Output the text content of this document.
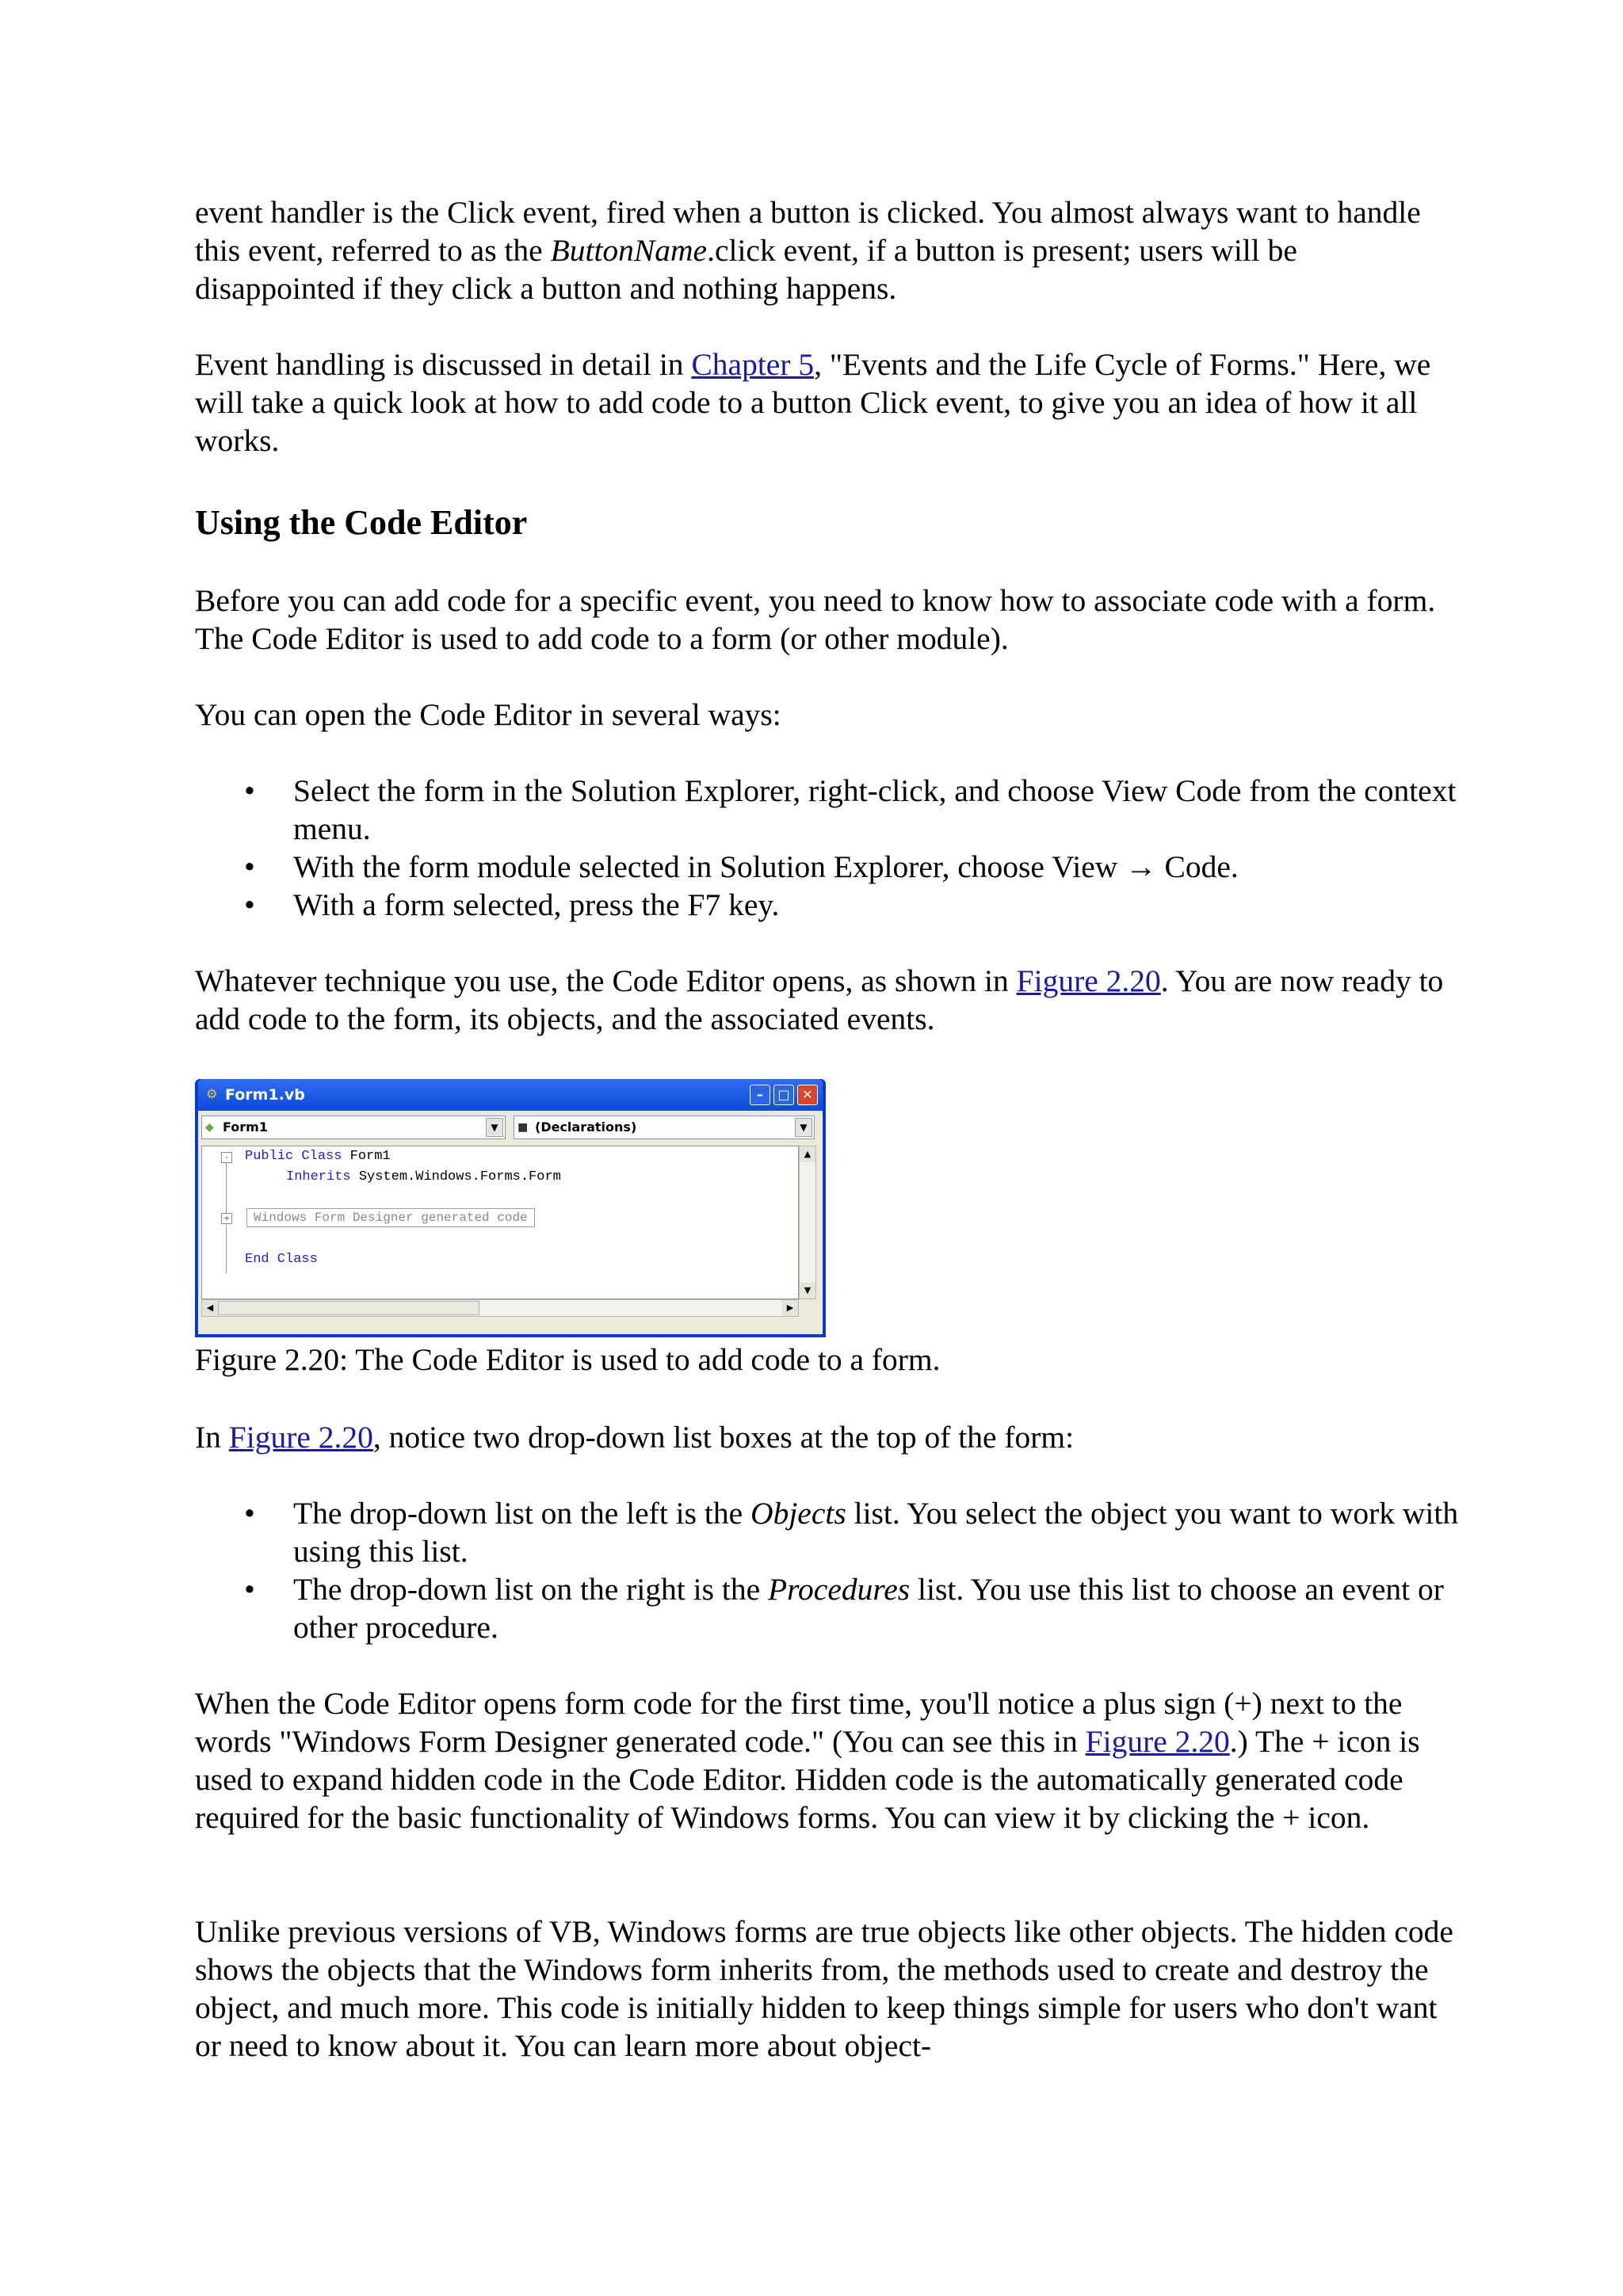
event handler is the Click event, fired when a button is clicked. You almost always want to handle this event, referred to as the ButtonName.click event, if a button is present; users will be disappointed if they click a button and nothing happens.

Event handling is discussed in detail in Chapter 5, "Events and the Life Cycle of Forms." Here, we will take a quick look at how to add code to a button Click event, to give you an idea of how it all works.

Using the Code Editor

Before you can add code for a specific event, you need to know how to associate code with a form. The Code Editor is used to add code to a form (or other module).

You can open the Code Editor in several ways:

• Select the form in the Solution Explorer, right-click, and choose View Code from the context menu.
• With the form module selected in Solution Explorer, choose View → Code.
• With a form selected, press the F7 key.

Whatever technique you use, the Code Editor opens, as shown in Figure 2.20. You are now ready to add code to the form, its objects, and the associated events.

⚙ Form1.vb	–	□ ✕
◆ Form1	▼	■ (Declarations)	▼
- Public Class Form1
Inherits System.Windows.Forms.Form
+	Windows Form Designer generated code
End Class
▲
▼
◀	▶

Figure 2.20: The Code Editor is used to add code to a form.

In Figure 2.20, notice two drop-down list boxes at the top of the form:

• The drop-down list on the left is the Objects list. You select the object you want to work with using this list.
• The drop-down list on the right is the Procedures list. You use this list to choose an event or other procedure.

When the Code Editor opens form code for the first time, you'll notice a plus sign (+) next to the words "Windows Form Designer generated code." (You can see this in Figure 2.20.) The + icon is used to expand hidden code in the Code Editor. Hidden code is the automatically generated code required for the basic functionality of Windows forms. You can view it by clicking the + icon.

Unlike previous versions of VB, Windows forms are true objects like other objects. The hidden code shows the objects that the Windows form inherits from, the methods used to create and destroy the object, and much more. This code is initially hidden to keep things simple for users who don't want or need to know about it. You can learn more about object-
